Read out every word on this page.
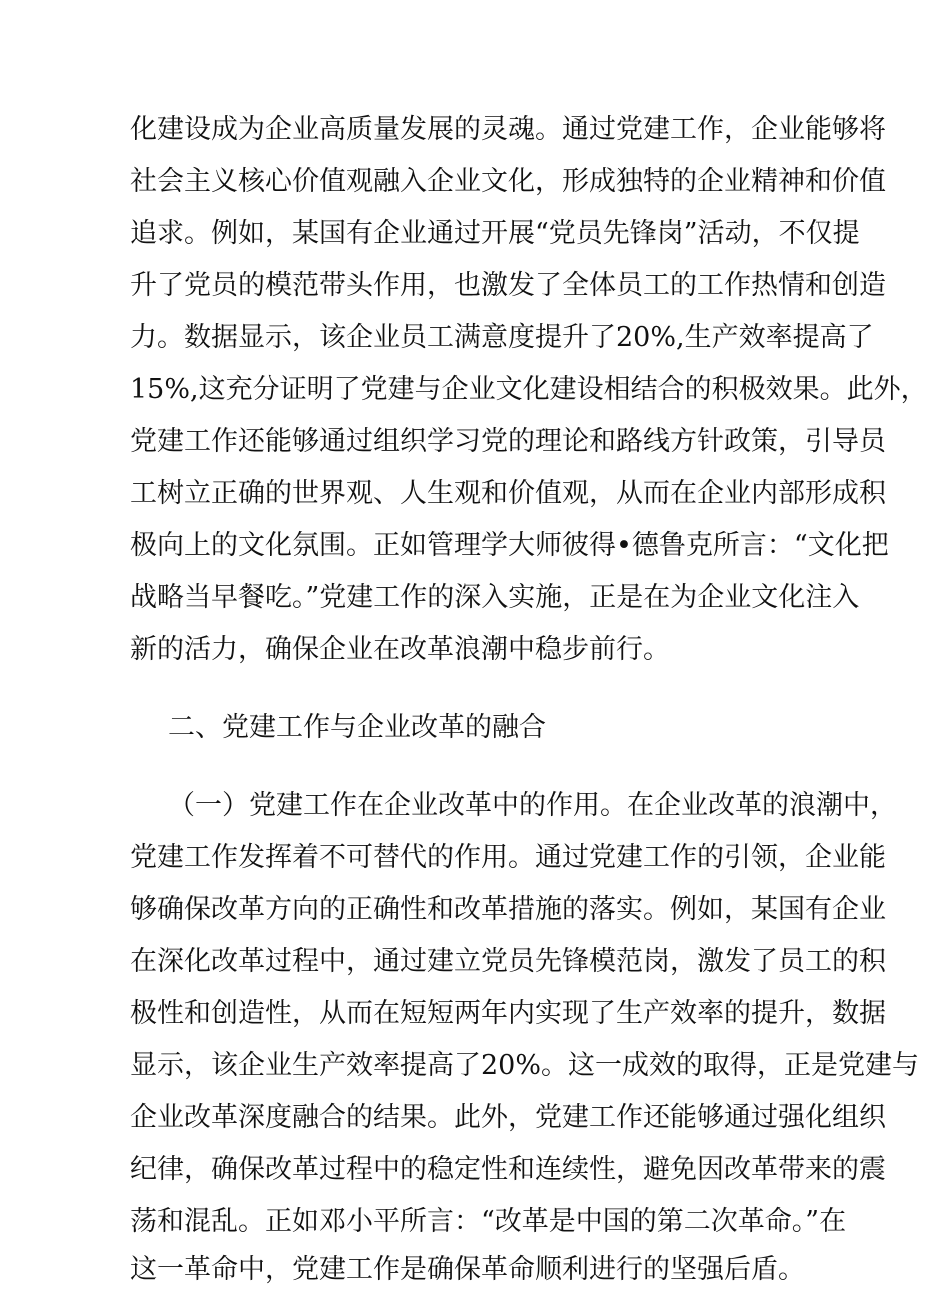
化建设成为企业高质量发展的灵魂。通过党建工作，企业能够将
社会主义核心价值观融入企业文化，形成独特的企业精神和价值
追求。例如，某国有企业通过开展“党员先锋岗”活动，不仅提
升了党员的模范带头作用，也激发了全体员工的工作热情和创造
力。数据显示，该企业员工满意度提升了20%,生产效率提高了
15%,这充分证明了党建与企业文化建设相结合的积极效果。此外，
党建工作还能够通过组织学习党的理论和路线方针政策，引导员
工树立正确的世界观、人生观和价值观，从而在企业内部形成积
极向上的文化氛围。正如管理学大师彼得•德鲁克所言：“文化把
战略当早餐吃。”党建工作的深入实施，正是在为企业文化注入
新的活力，确保企业在改革浪潮中稳步前行。
二、党建工作与企业改革的融合
（一）党建工作在企业改革中的作用。在企业改革的浪潮中，
党建工作发挥着不可替代的作用。通过党建工作的引领，企业能
够确保改革方向的正确性和改革措施的落实。例如，某国有企业
在深化改革过程中，通过建立党员先锋模范岗，激发了员工的积
极性和创造性，从而在短短两年内实现了生产效率的提升，数据
显示，该企业生产效率提高了20%。这一成效的取得，正是党建与
企业改革深度融合的结果。此外，党建工作还能够通过强化组织
纪律，确保改革过程中的稳定性和连续性，避免因改革带来的震
荡和混乱。正如邓小平所言：“改革是中国的第二次革命。”在
这一革命中，党建工作是确保革命顺利进行的坚强后盾。
